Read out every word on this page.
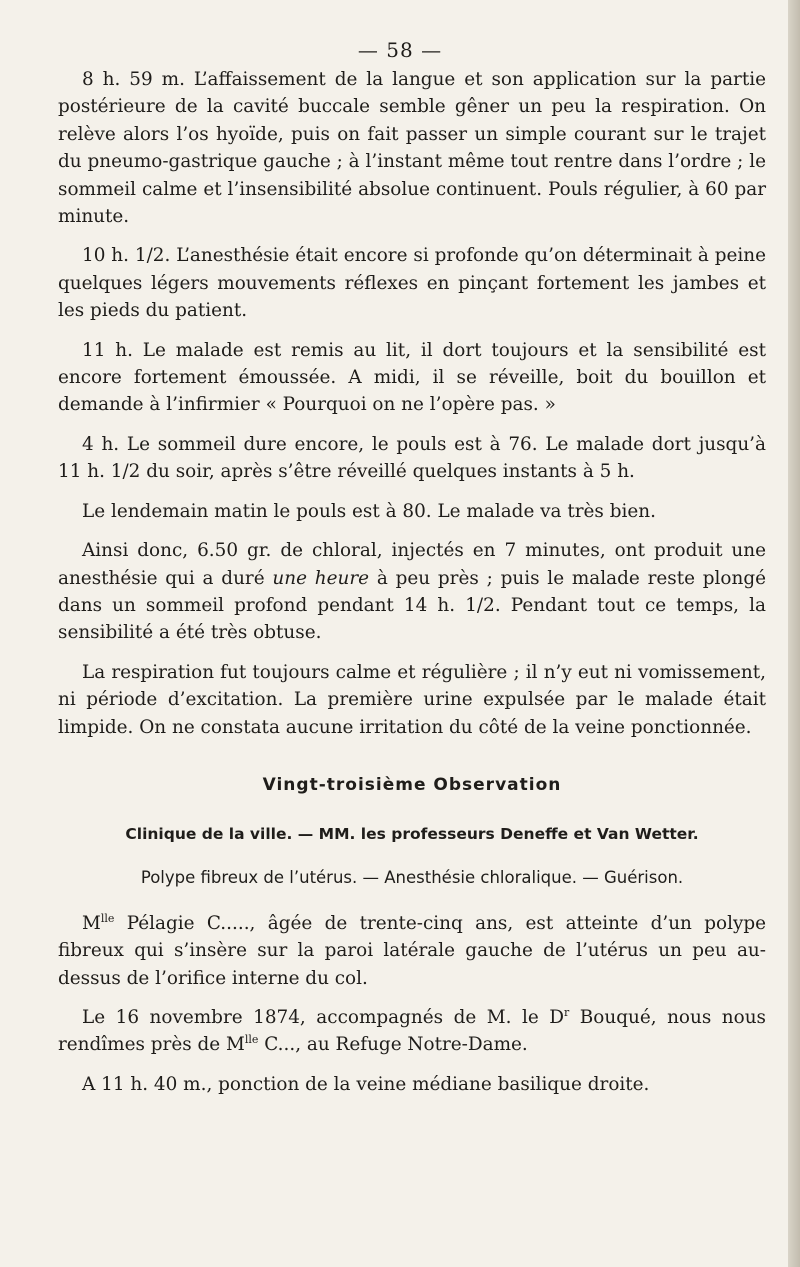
— 58 —

8 h. 59 m. L’affaissement de la langue et son application sur la partie postérieure de la cavité buccale semble gêner un peu la respiration. On relève alors l’os hyoïde, puis on fait passer un simple courant sur le trajet du pneumo-gastrique gauche ; à l’instant même tout rentre dans l’ordre ; le sommeil calme et l’insensibilité absolue continuent. Pouls régulier, à 60 par minute.

10 h. 1/2. L’anesthésie était encore si profonde qu’on déterminait à peine quelques légers mouvements réflexes en pinçant fortement les jambes et les pieds du patient.

11 h. Le malade est remis au lit, il dort toujours et la sensibilité est encore fortement émoussée. A midi, il se réveille, boit du bouillon et demande à l’infirmier « Pourquoi on ne l’opère pas. »

4 h. Le sommeil dure encore, le pouls est à 76. Le malade dort jusqu’à 11 h. 1/2 du soir, après s’être réveillé quelques instants à 5 h.

Le lendemain matin le pouls est à 80. Le malade va très bien.

Ainsi donc, 6.50 gr. de chloral, injectés en 7 minutes, ont produit une anesthésie qui a duré une heure à peu près ; puis le malade reste plongé dans un sommeil profond pendant 14 h. 1/2. Pendant tout ce temps, la sensibilité a été très obtuse.

La respiration fut toujours calme et régulière ; il n’y eut ni vomissement, ni période d’excitation. La première urine expulsée par le malade était limpide. On ne constata aucune irritation du côté de la veine ponctionnée.

Vingt-troisième Observation

Clinique de la ville. — MM. les professeurs Deneffe et Van Wetter.

Polype fibreux de l’utérus. — Anesthésie chloralique. — Guérison.

$M^{lle}$ Pélagie C....., âgée de trente-cinq ans, est atteinte d’un polype fibreux qui s’insère sur la paroi latérale gauche de l’utérus un peu au-dessus de l’orifice interne du col.

Le 16 novembre 1874, accompagnés de M. le $D^r$ Bouqué, nous nous rendîmes près de $M^{lle}$ C..., au Refuge Notre-Dame.

A 11 h. 40 m., ponction de la veine médiane basilique droite.
